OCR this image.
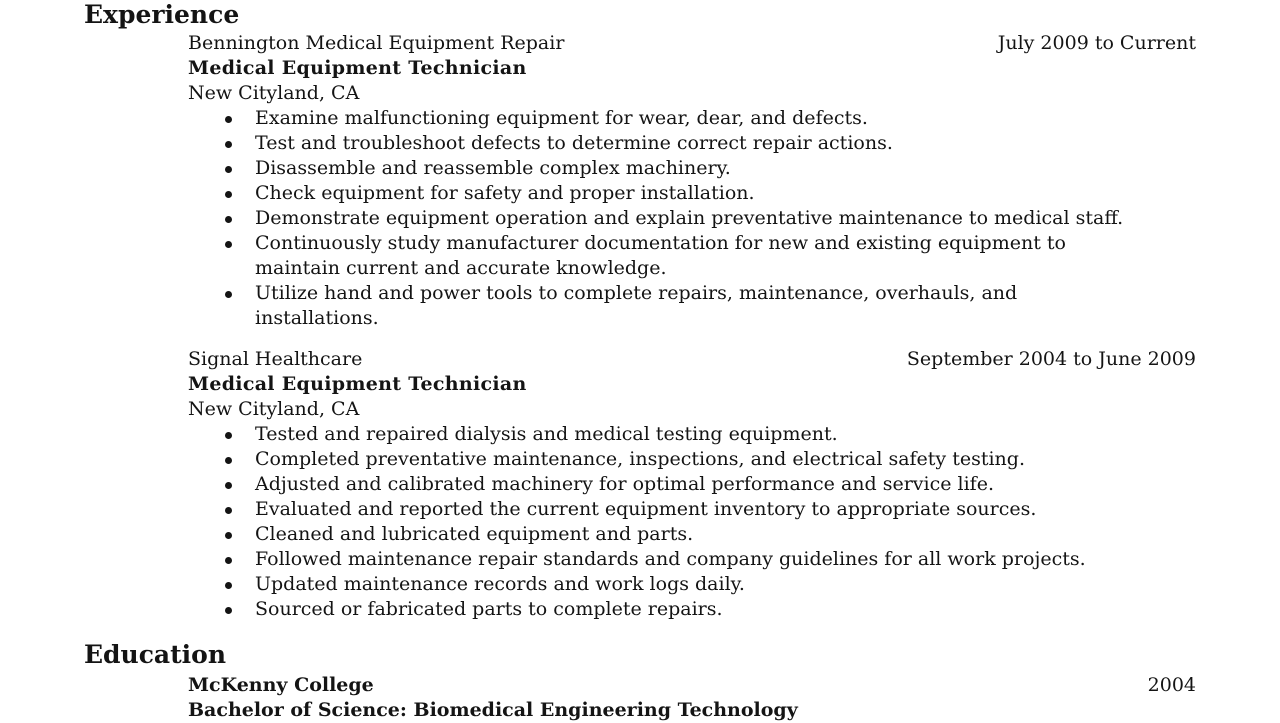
Experience
Bennington Medical Equipment Repair	July 2009 to Current
Medical Equipment Technician
New Cityland, CA
Examine malfunctioning equipment for wear, dear, and defects.
Test and troubleshoot defects to determine correct repair actions.
Disassemble and reassemble complex machinery.
Check equipment for safety and proper installation.
Demonstrate equipment operation and explain preventative maintenance to medical staff.
Continuously study manufacturer documentation for new and existing equipment to
maintain current and accurate knowledge.
Utilize hand and power tools to complete repairs, maintenance, overhauls, and
installations.
Signal Healthcare	September 2004 to June 2009
Medical Equipment Technician
New Cityland, CA
Tested and repaired dialysis and medical testing equipment.
Completed preventative maintenance, inspections, and electrical safety testing.
Adjusted and calibrated machinery for optimal performance and service life.
Evaluated and reported the current equipment inventory to appropriate sources.
Cleaned and lubricated equipment and parts.
Followed maintenance repair standards and company guidelines for all work projects.
Updated maintenance records and work logs daily.
Sourced or fabricated parts to complete repairs.
Education
McKenny College	2004
Bachelor of Science: Biomedical Engineering Technology
